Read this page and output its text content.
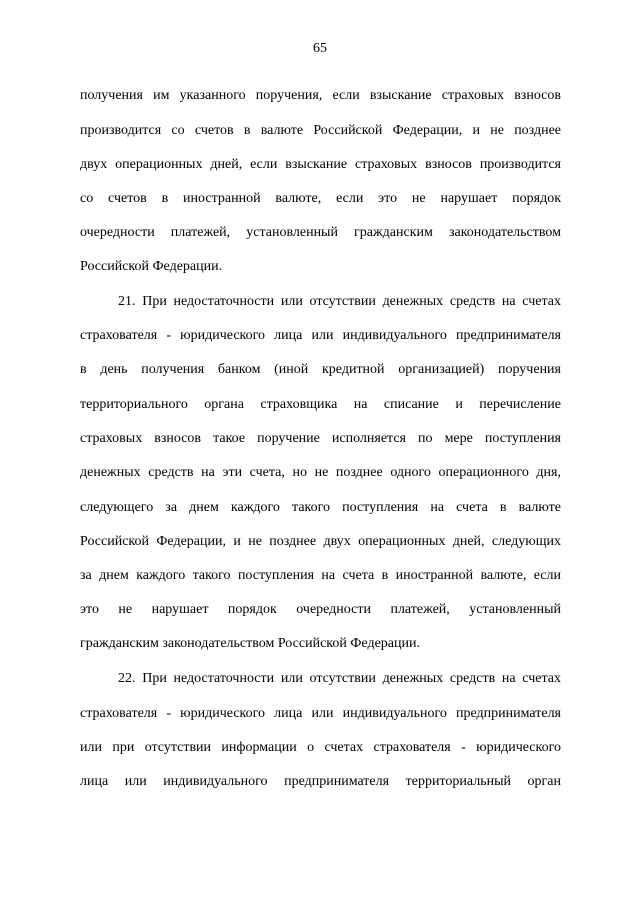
65
получения им указанного поручения, если взыскание страховых взносов
производится со счетов в валюте Российской Федерации, и не позднее
двух операционных дней, если взыскание страховых взносов производится
со счетов в иностранной валюте, если это не нарушает порядок
очередности платежей, установленный гражданским законодательством
Российской Федерации.
21. При недостаточности или отсутствии денежных средств на счетах
страхователя - юридического лица или индивидуального предпринимателя
в день получения банком (иной кредитной организацией) поручения
территориального органа страховщика на списание и перечисление
страховых взносов такое поручение исполняется по мере поступления
денежных средств на эти счета, но не позднее одного операционного дня,
следующего за днем каждого такого поступления на счета в валюте
Российской Федерации, и не позднее двух операционных дней, следующих
за днем каждого такого поступления на счета в иностранной валюте, если
это не нарушает порядок очередности платежей, установленный
гражданским законодательством Российской Федерации.
22. При недостаточности или отсутствии денежных средств на счетах
страхователя - юридического лица или индивидуального предпринимателя
или при отсутствии информации о счетах страхователя - юридического
лица или индивидуального предпринимателя территориальный орган
